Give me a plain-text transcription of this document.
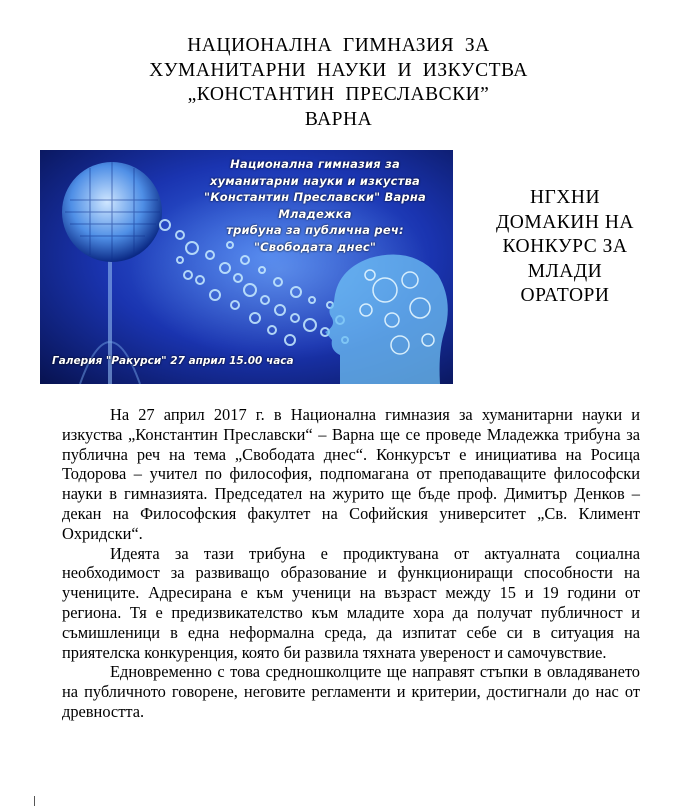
НАЦИОНАЛНА  ГИМНАЗИЯ  ЗА
ХУМАНИТАРНИ  НАУКИ  И  ИЗКУСТВА
„КОНСТАНТИН  ПРЕСЛАВСКИ”
ВАРНА
Национална гимназия за
хуманитарни науки и изкуства
"Константин Преславски" Варна
Младежка
трибуна за публична реч:
"Свободата днес"
Галерия "Ракурси" 27 април 15.00 часа
НГХНИ
ДОМАКИН НА
КОНКУРС ЗА
МЛАДИ
ОРАТОРИ

На 27 април 2017 г. в Национална гимназия за хуманитарни науки и изкуства „Константин Преславски“ – Варна ще се проведе Младежка трибуна за публична реч на тема „Свободата днес“. Конкурсът е инициатива на Росица Тодорова – учител по философия, подпомагана от преподаващите философски науки в гимназията. Председател на журито ще бъде проф. Димитър Денков – декан на Философския факултет на Софийския университет „Св. Климент Охридски“.

Идеята за тази трибуна е продиктувана от актуалната социална необходимост за развиващо образование и функциониращи способности на учениците. Адресирана е към ученици на възраст между 15 и 19 години от региона. Тя е предизвикателство към младите хора да получат публичност и съмишленици в една неформална среда, да изпитат себе си в ситуация на приятелска конкуренция, която би развила тяхната увереност и самочувствие.

Едновременно с това средношколците ще направят стъпки в овладяването на публичното говорене, неговите регламенти и критерии, достигнали до нас от древността.
